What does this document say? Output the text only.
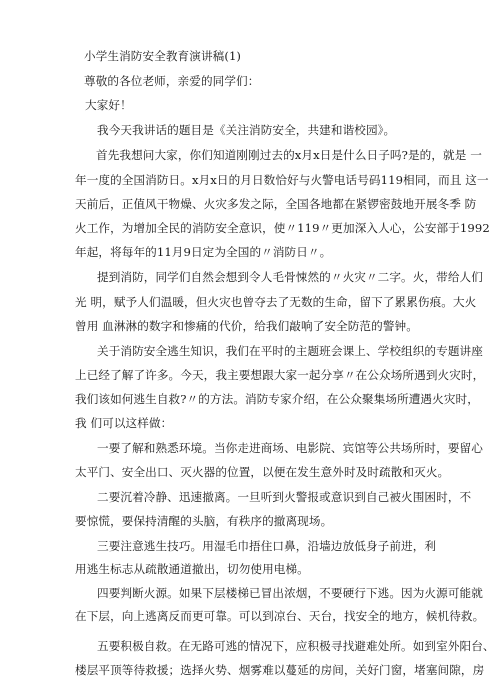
小学生消防安全教育演讲稿(1)
尊敬的各位老师，亲爱的同学们：
大家好！
我今天我讲话的题目是《关注消防安全，共建和谐校园》。
首先我想问大家，你们知道刚刚过去的x月x日是什么日子吗?是的，就是 一
年一度的全国消防日。x月x日的月日数恰好与火警电话号码119相同，而且 这一
天前后，正值风干物燥、火灾多发之际，全国各地都在紧锣密鼓地开展冬季 防
火工作，为增加全民的消防安全意识，使〃119〃更加深入人心，公安部于1992
年起，将每年的11月9日定为全国的〃消防日〃。
提到消防，同学们自然会想到令人毛骨悚然的〃火灾〃二字。火，带给人们
光 明，赋予人们温暖，但火灾也曾夺去了无数的生命，留下了累累伤痕。大火
曾用 血淋淋的数字和惨痛的代价，给我们敲响了安全防范的警钟。
关于消防安全逃生知识，我们在平时的主题班会课上、学校组织的专题讲座
上已经了解了许多。今天，我主要想跟大家一起分享〃在公众场所遇到火灾时，
我们该如何逃生自救?〃的方法。消防专家介绍，在公众聚集场所遭遇火灾时，
我 们可以这样做：
一要了解和熟悉环境。当你走进商场、电影院、宾馆等公共场所时，要留心
太平门、安全出口、灭火器的位置，以便在发生意外时及时疏散和灭火。
二要沉着冷静、迅速撤离。一旦听到火警报或意识到自己被火围困时，不
要惊慌，要保持清醒的头脑，有秩序的撤离现场。
三要注意逃生技巧。用湿毛巾捂住口鼻，沿墙边放低身子前进，利
用逃生标志从疏散通道撤出，切勿使用电梯。
四要判断火源。如果下层楼梯已冒出浓烟，不要硬行下逃。因为火源可能就
在下层，向上逃离反而更可靠。可以到凉台、天台，找安全的地方，候机待救。
五要积极自救。在无路可逃的情况下，应积极寻找避难处所。如到室外阳台、
楼层平顶等待救援；选择火势、烟雾难以蔓延的房间，关好门窗，堵塞间隙，房
